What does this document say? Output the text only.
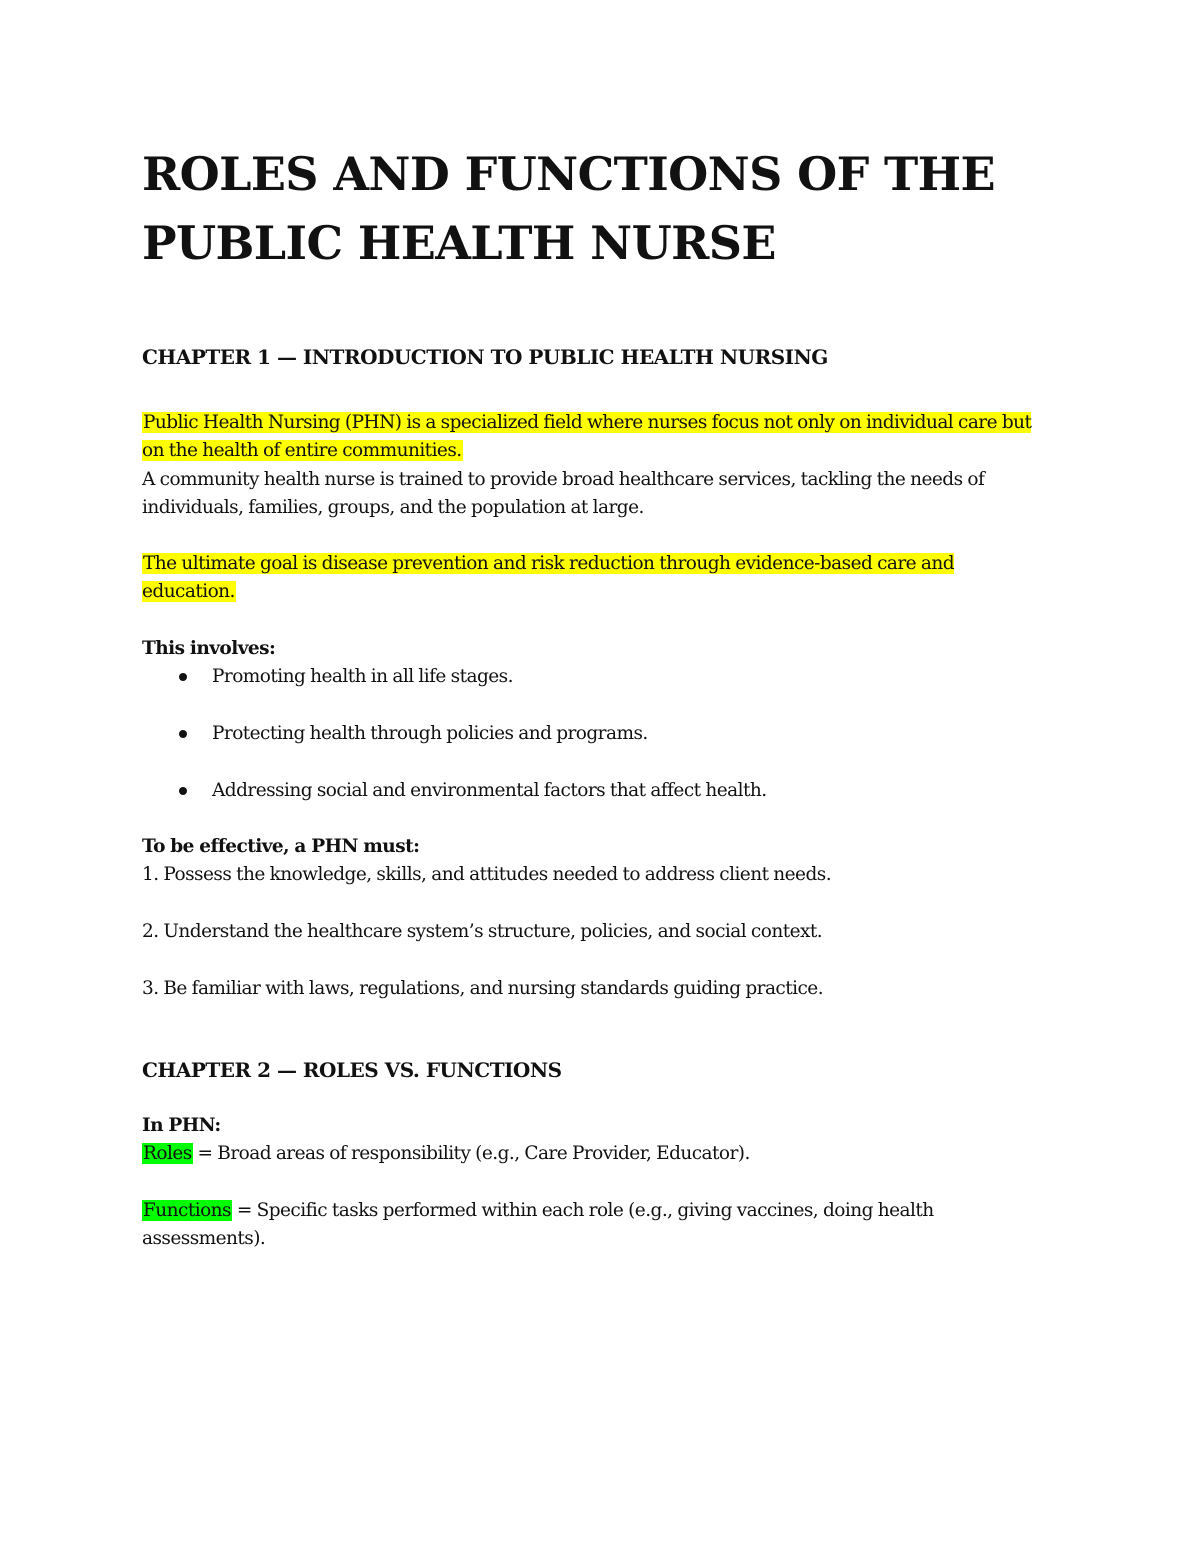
ROLES AND FUNCTIONS OF THE
PUBLIC HEALTH NURSE
CHAPTER 1 — INTRODUCTION TO PUBLIC HEALTH NURSING

Public Health Nursing (PHN) is a specialized field where nurses focus not only on individual care but on the health of entire communities.
A community health nurse is trained to provide broad healthcare services, tackling the needs of individuals, families, groups, and the population at large.

The ultimate goal is disease prevention and risk reduction through evidence-based care and education.

This involves:

Promoting health in all life stages.
Protecting health through policies and programs.
Addressing social and environmental factors that affect health.

To be effective, a PHN must:

1. Possess the knowledge, skills, and attitudes needed to address client needs.
2. Understand the healthcare system’s structure, policies, and social context.
3. Be familiar with laws, regulations, and nursing standards guiding practice.
CHAPTER 2 — ROLES VS. FUNCTIONS

In PHN:

Roles = Broad areas of responsibility (e.g., Care Provider, Educator).

Functions = Specific tasks performed within each role (e.g., giving vaccines, doing health assessments).
